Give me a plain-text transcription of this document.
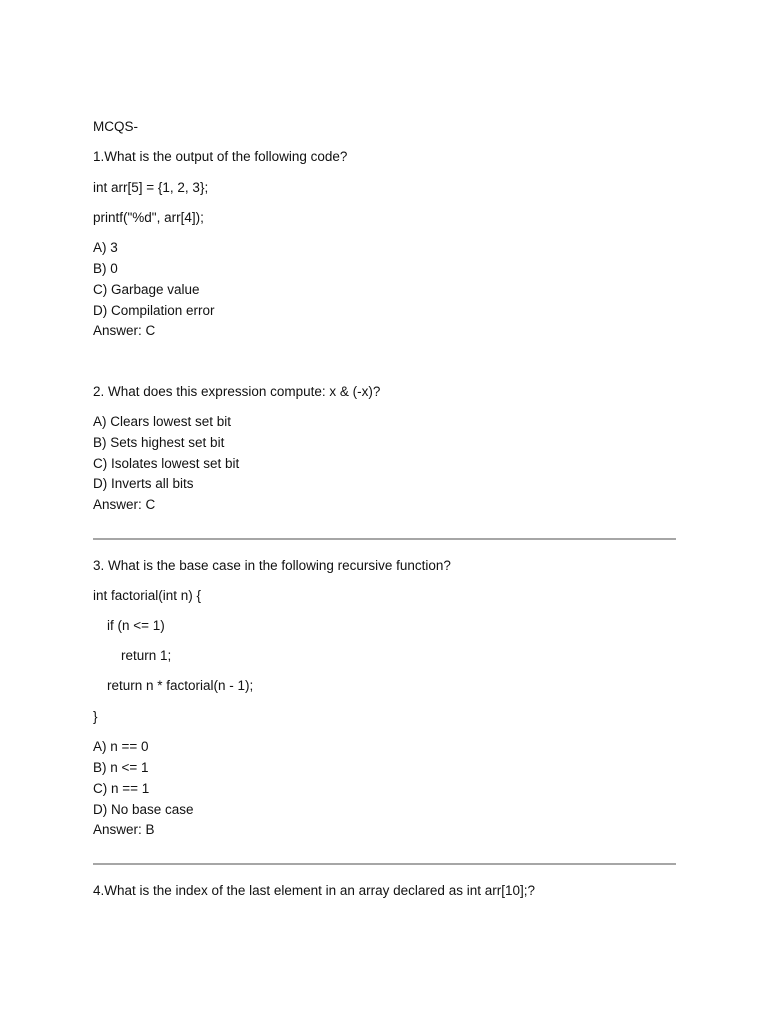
MCQS-
1.What is the output of the following code?
int arr[5] = {1, 2, 3};
printf("%d", arr[4]);
A) 3
B) 0
C) Garbage value
D) Compilation error
Answer: C
2. What does this expression compute: x & (-x)?
A) Clears lowest set bit
B) Sets highest set bit
C) Isolates lowest set bit
D) Inverts all bits
Answer: C
3. What is the base case in the following recursive function?
int factorial(int n) {
if (n <= 1)
return 1;
return n * factorial(n - 1);
}
A) n == 0
B) n <= 1
C) n == 1
D) No base case
Answer: B
4.What is the index of the last element in an array declared as int arr[10];?
